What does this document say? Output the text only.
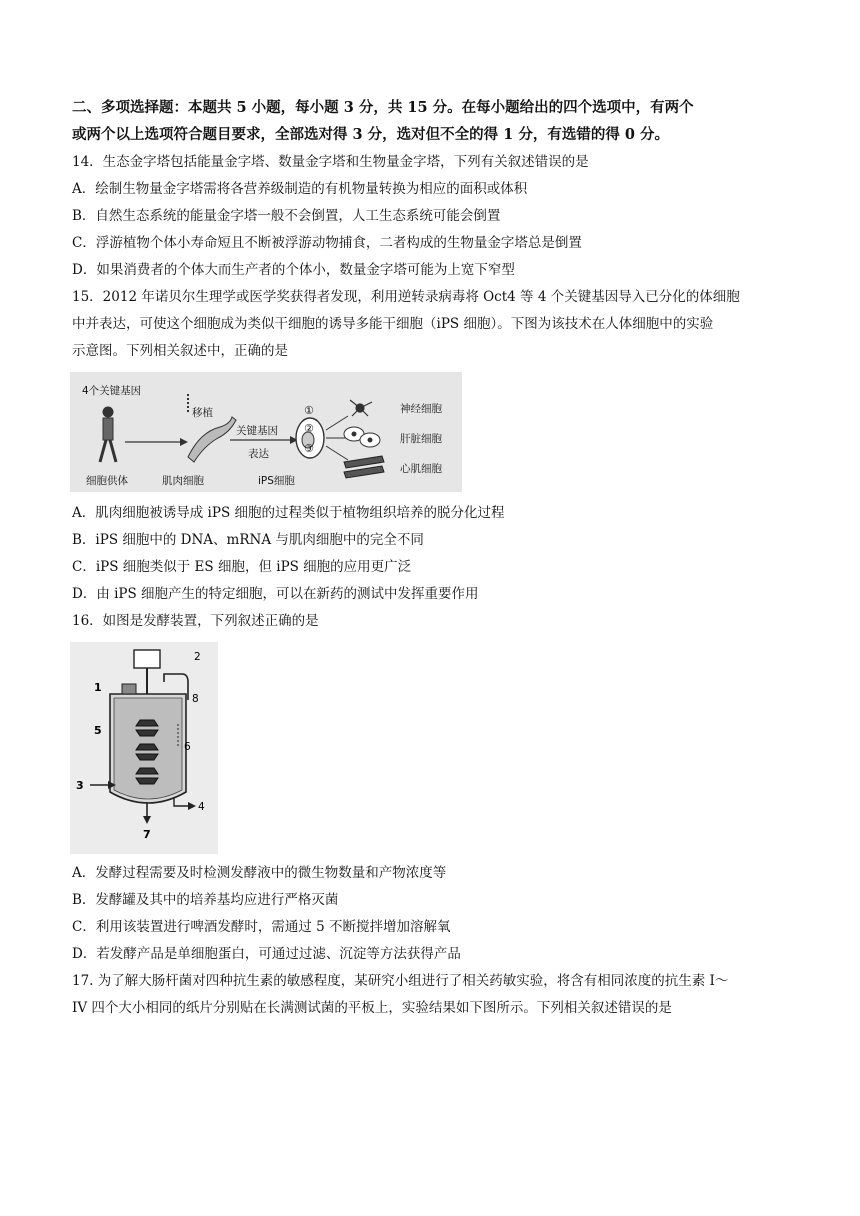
二、多项选择题：本题共 5 小题，每小题 3 分，共 15 分。在每小题给出的四个选项中，有两个
或两个以上选项符合题目要求，全部选对得 3 分，选对但不全的得 1 分，有选错的得 0 分。
14．生态金字塔包括能量金字塔、数量金字塔和生物量金字塔，下列有关叙述错误的是
A．绘制生物量金字塔需将各营养级制造的有机物量转换为相应的面积或体积
B．自然生态系统的能量金字塔一般不会倒置，人工生态系统可能会倒置
C．浮游植物个体小寿命短且不断被浮游动物捕食，二者构成的生物量金字塔总是倒置
D．如果消费者的个体大而生产者的个体小，数量金字塔可能为上宽下窄型
15．2012 年诺贝尔生理学或医学奖获得者发现，利用逆转录病毒将 Oct4 等 4 个关键基因导入已分化的体细胞
中并表达，可使这个细胞成为类似干细胞的诱导多能干细胞（iPS 细胞）。下图为该技术在人体细胞中的实验
示意图。下列相关叙述中，正确的是
4个关键基因
移植
关键基因
表达
①
②
③
神经细胞
肝脏细胞
心肌细胞
细胞供体	肌肉细胞	iPS细胞
A．肌肉细胞被诱导成 iPS 细胞的过程类似于植物组织培养的脱分化过程
B．iPS 细胞中的 DNA、mRNA 与肌肉细胞中的完全不同
C．iPS 细胞类似于 ES 细胞，但 iPS 细胞的应用更广泛
D．由 iPS 细胞产生的特定细胞，可以在新药的测试中发挥重要作用
16．如图是发酵装置，下列叙述正确的是
2
1
8
5
6
3
4
7
A．发酵过程需要及时检测发酵液中的微生物数量和产物浓度等
B．发酵罐及其中的培养基均应进行严格灭菌
C．利用该装置进行啤酒发酵时，需通过 5 不断搅拌增加溶解氧
D．若发酵产品是单细胞蛋白，可通过过滤、沉淀等方法获得产品
17. 为了解大肠杆菌对四种抗生素的敏感程度，某研究小组进行了相关药敏实验，将含有相同浓度的抗生素 I～
IV 四个大小相同的纸片分别贴在长满测试菌的平板上，实验结果如下图所示。下列相关叙述错误的是
